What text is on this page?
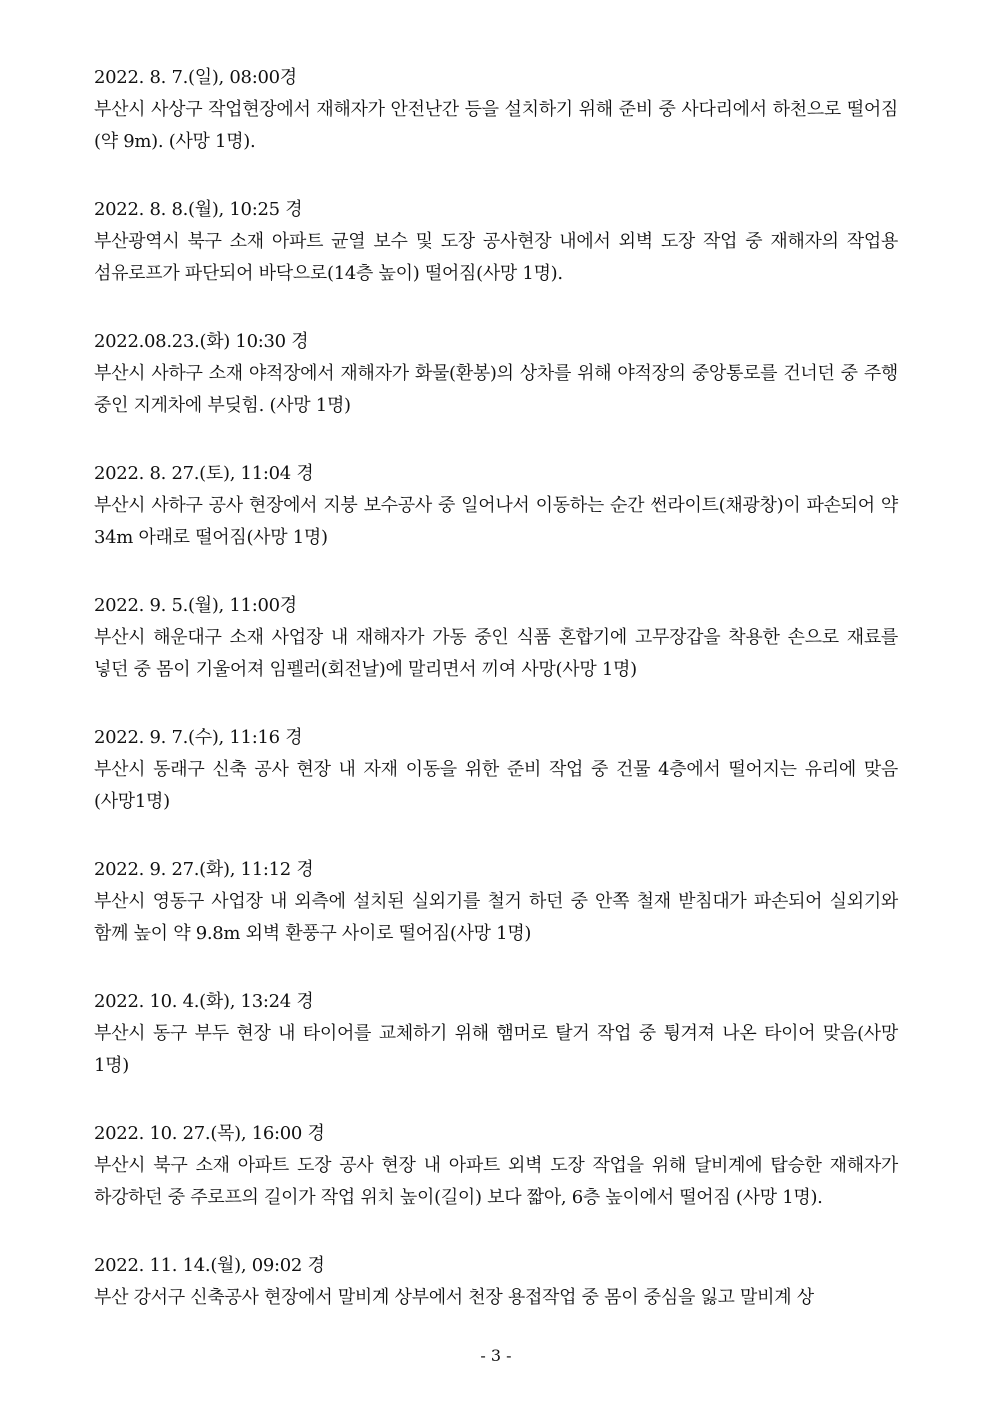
2022. 8. 7.(일), 08:00경
부산시 사상구 작업현장에서 재해자가 안전난간 등을 설치하기 위해 준비 중 사다리에서 하천으로 떨어짐(약 9m). (사망 1명).
2022. 8. 8.(월), 10:25 경
부산광역시 북구 소재 아파트 균열 보수 및 도장 공사현장 내에서 외벽 도장 작업 중 재해자의 작업용 섬유로프가 파단되어 바닥으로(14층 높이) 떨어짐(사망 1명).
2022.08.23.(화) 10:30 경
부산시 사하구 소재 야적장에서 재해자가 화물(환봉)의 상차를 위해 야적장의 중앙통로를 건너던 중 주행 중인 지게차에 부딪힘. (사망 1명)
2022. 8. 27.(토), 11:04 경
부산시 사하구 공사 현장에서 지붕 보수공사 중 일어나서 이동하는 순간 썬라이트(채광창)이 파손되어 약 34m 아래로 떨어짐(사망 1명)
2022. 9. 5.(월), 11:00경
부산시 해운대구 소재 사업장 내 재해자가 가동 중인 식품 혼합기에 고무장갑을 착용한 손으로 재료를 넣던 중 몸이 기울어져 임펠러(회전날)에 말리면서 끼여 사망(사망 1명)
2022. 9. 7.(수), 11:16 경
부산시 동래구 신축 공사 현장 내 자재 이동을 위한 준비 작업 중 건물 4층에서 떨어지는 유리에 맞음(사망1명)
2022. 9. 27.(화), 11:12 경
부산시 영동구 사업장 내 외측에 설치된 실외기를 철거 하던 중 안쪽 철재 받침대가 파손되어 실외기와 함께 높이 약 9.8m 외벽 환풍구 사이로 떨어짐(사망 1명)
2022. 10. 4.(화), 13:24 경
부산시 동구 부두 현장 내 타이어를 교체하기 위해 햄머로 탈거 작업 중 튕겨져 나온 타이어 맞음(사망 1명)
2022. 10. 27.(목), 16:00 경
부산시 북구 소재 아파트 도장 공사 현장 내 아파트 외벽 도장 작업을 위해 달비계에 탑승한 재해자가 하강하던 중 주로프의 길이가 작업 위치 높이(길이) 보다 짧아, 6층 높이에서 떨어짐 (사망 1명).
2022. 11. 14.(월), 09:02 경
부산 강서구 신축공사 현장에서 말비계 상부에서 천장 용접작업 중 몸이 중심을 잃고 말비계 상
- 3 -
